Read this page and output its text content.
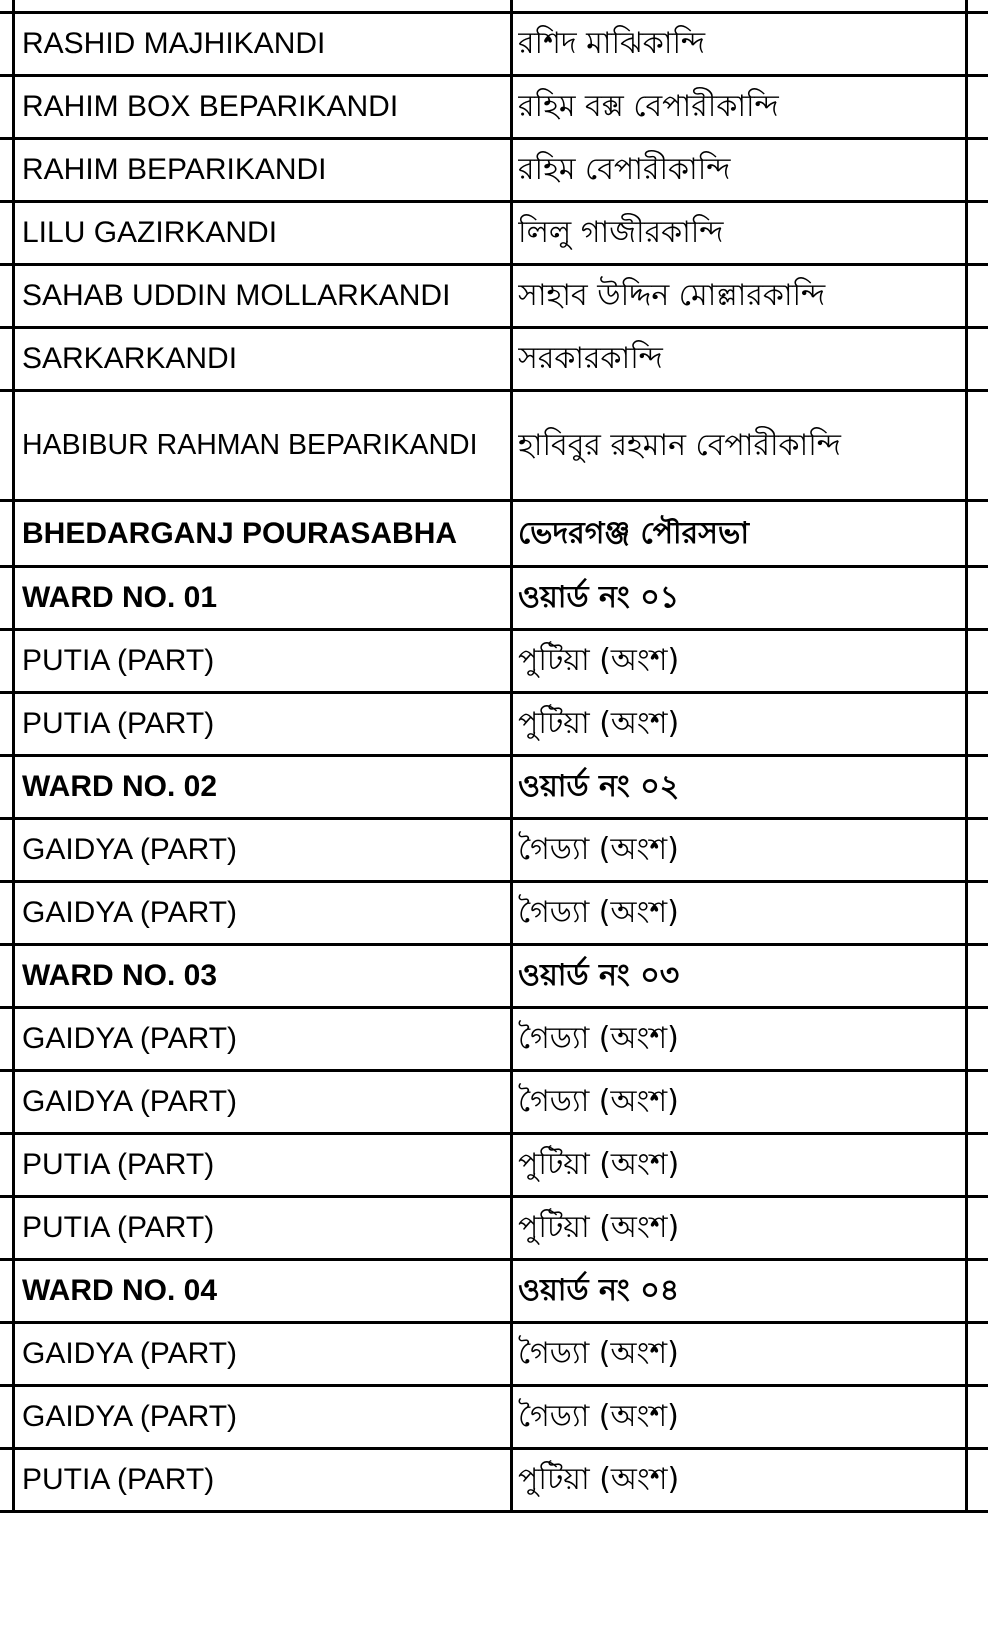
RASHID MAJHIKANDI	রশিদ মাঝিকান্দি
RAHIM BOX BEPARIKANDI	রহিম বক্স বেপারীকান্দি
RAHIM BEPARIKANDI	রহিম বেপারীকান্দি
LILU GAZIRKANDI	লিলু গাজীরকান্দি
SAHAB UDDIN MOLLARKANDI	সাহাব উদ্দিন মোল্লারকান্দি
SARKARKANDI	সরকারকান্দি
HABIBUR RAHMAN BEPARIKANDI	হাবিবুর রহমান বেপারীকান্দি
BHEDARGANJ POURASABHA	ভেদরগঞ্জ পৌরসভা
WARD NO. 01	ওয়ার্ড নং ০১
PUTIA (PART)	পুটিয়া (অংশ)
PUTIA (PART)	পুটিয়া (অংশ)
WARD NO. 02	ওয়ার্ড নং ০২
GAIDYA (PART)	গৈড্যা (অংশ)
GAIDYA (PART)	গৈড্যা (অংশ)
WARD NO. 03	ওয়ার্ড নং ০৩
GAIDYA (PART)	গৈড্যা (অংশ)
GAIDYA (PART)	গৈড্যা (অংশ)
PUTIA (PART)	পুটিয়া (অংশ)
PUTIA (PART)	পুটিয়া (অংশ)
WARD NO. 04	ওয়ার্ড নং ০৪
GAIDYA (PART)	গৈড্যা (অংশ)
GAIDYA (PART)	গৈড্যা (অংশ)
PUTIA (PART)	পুটিয়া (অংশ)
